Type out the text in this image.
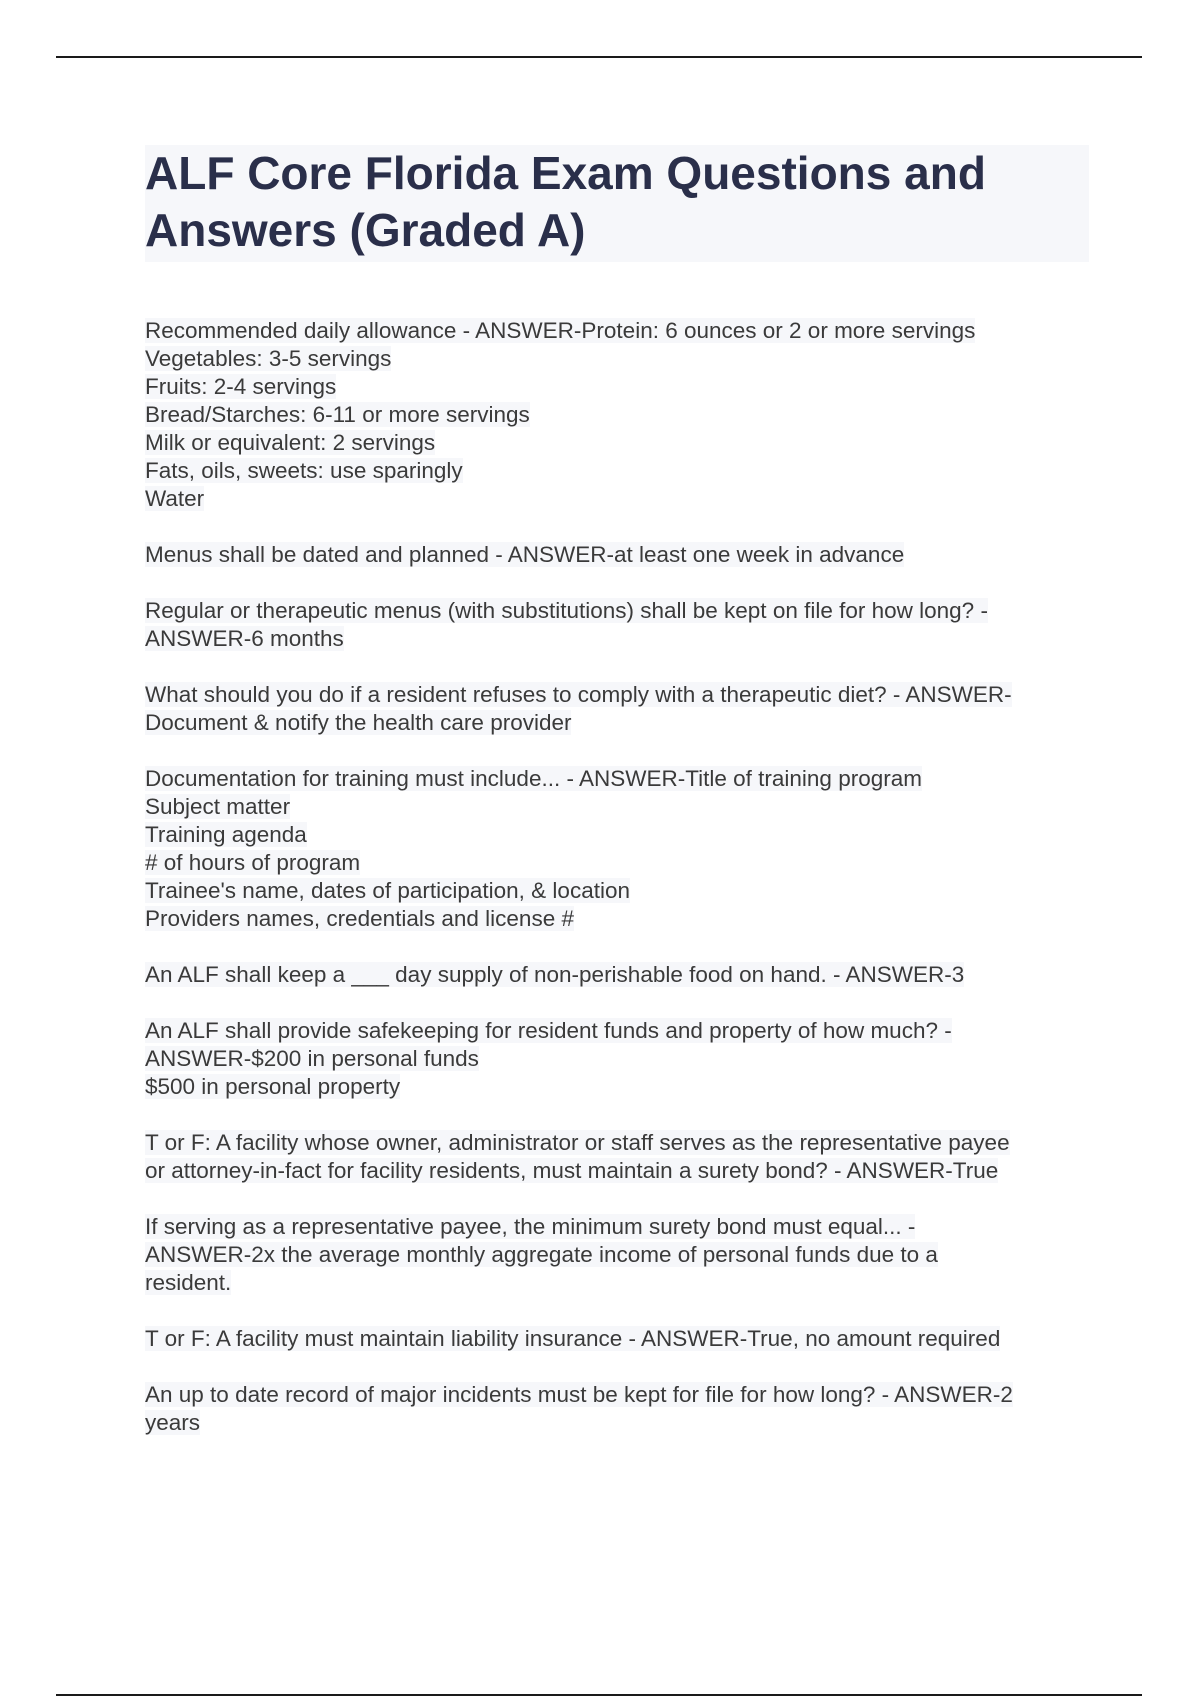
ALF Core Florida Exam Questions and
Answers (Graded A)
Recommended daily allowance - ANSWER-Protein: 6 ounces or 2 or more servings
Vegetables: 3-5 servings
Fruits: 2-4 servings
Bread/Starches: 6-11 or more servings
Milk or equivalent: 2 servings
Fats, oils, sweets: use sparingly
Water
Menus shall be dated and planned - ANSWER-at least one week in advance
Regular or therapeutic menus (with substitutions) shall be kept on file for how long? -
ANSWER-6 months
What should you do if a resident refuses to comply with a therapeutic diet? - ANSWER-
Document & notify the health care provider
Documentation for training must include... - ANSWER-Title of training program
Subject matter
Training agenda
# of hours of program
Trainee's name, dates of participation, & location
Providers names, credentials and license #
An ALF shall keep a ___ day supply of non-perishable food on hand. - ANSWER-3
An ALF shall provide safekeeping for resident funds and property of how much? -
ANSWER-$200 in personal funds
$500 in personal property
T or F: A facility whose owner, administrator or staff serves as the representative payee
or attorney-in-fact for facility residents, must maintain a surety bond? - ANSWER-True
If serving as a representative payee, the minimum surety bond must equal... -
ANSWER-2x the average monthly aggregate income of personal funds due to a
resident.
T or F: A facility must maintain liability insurance - ANSWER-True, no amount required
An up to date record of major incidents must be kept for file for how long? - ANSWER-2
years
